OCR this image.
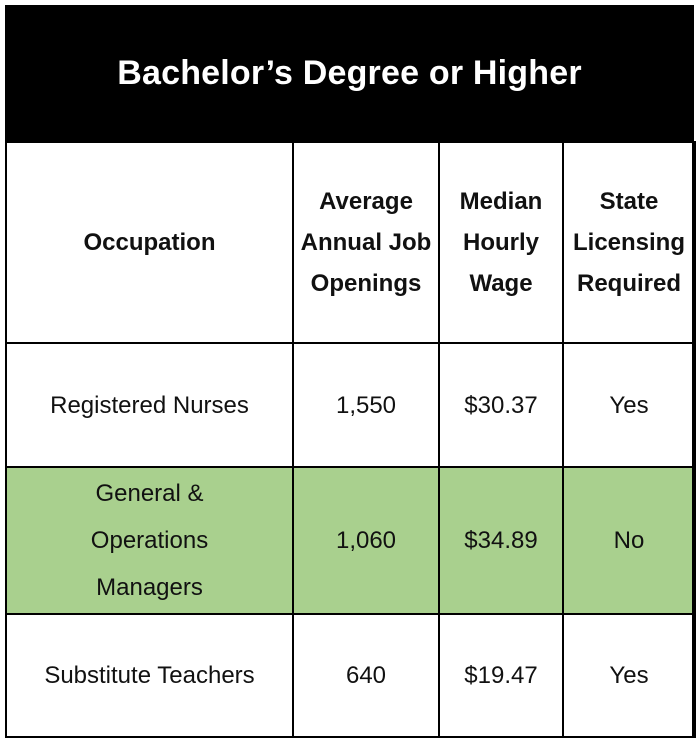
Bachelor’s Degree or Higher
Occupation	Average
Annual Job
Openings	Median
Hourly
Wage	State
Licensing
Required

Registered Nurses	1,550	$30.37	Yes

General &
Operations
Managers	1,060	$34.89	No

Substitute Teachers	640	$19.47	Yes
